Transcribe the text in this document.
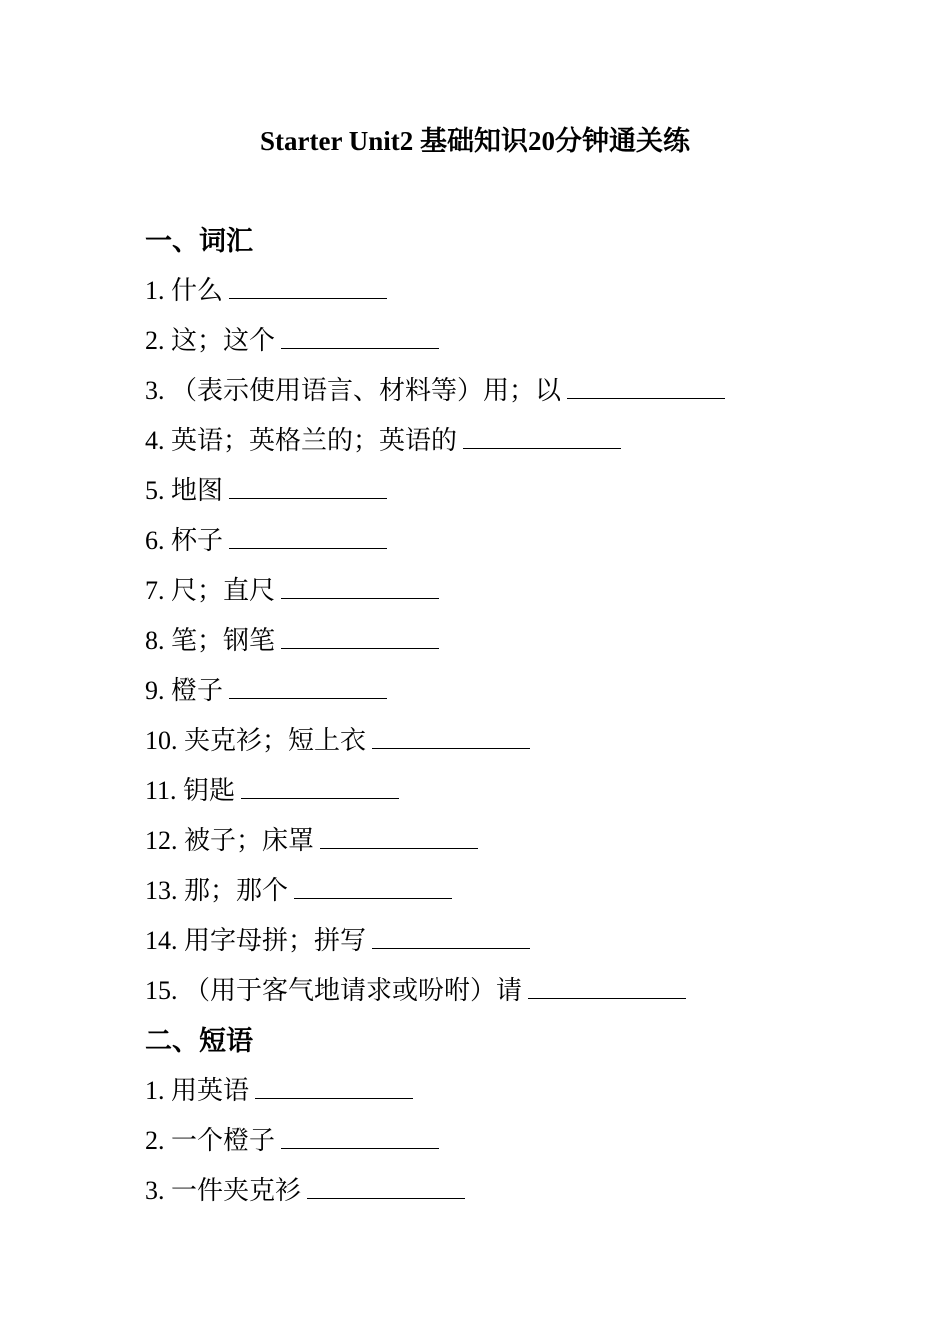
Starter Unit2 基础知识20分钟通关练
一、词汇
1. 什么
2. 这；这个
3. （表示使用语言、材料等）用；以
4. 英语；英格兰的；英语的
5. 地图
6. 杯子
7. 尺；直尺
8. 笔；钢笔
9. 橙子
10. 夹克衫；短上衣
11. 钥匙
12. 被子；床罩
13. 那；那个
14. 用字母拼；拼写
15. （用于客气地请求或吩咐）请
二、短语
1. 用英语
2. 一个橙子
3. 一件夹克衫
